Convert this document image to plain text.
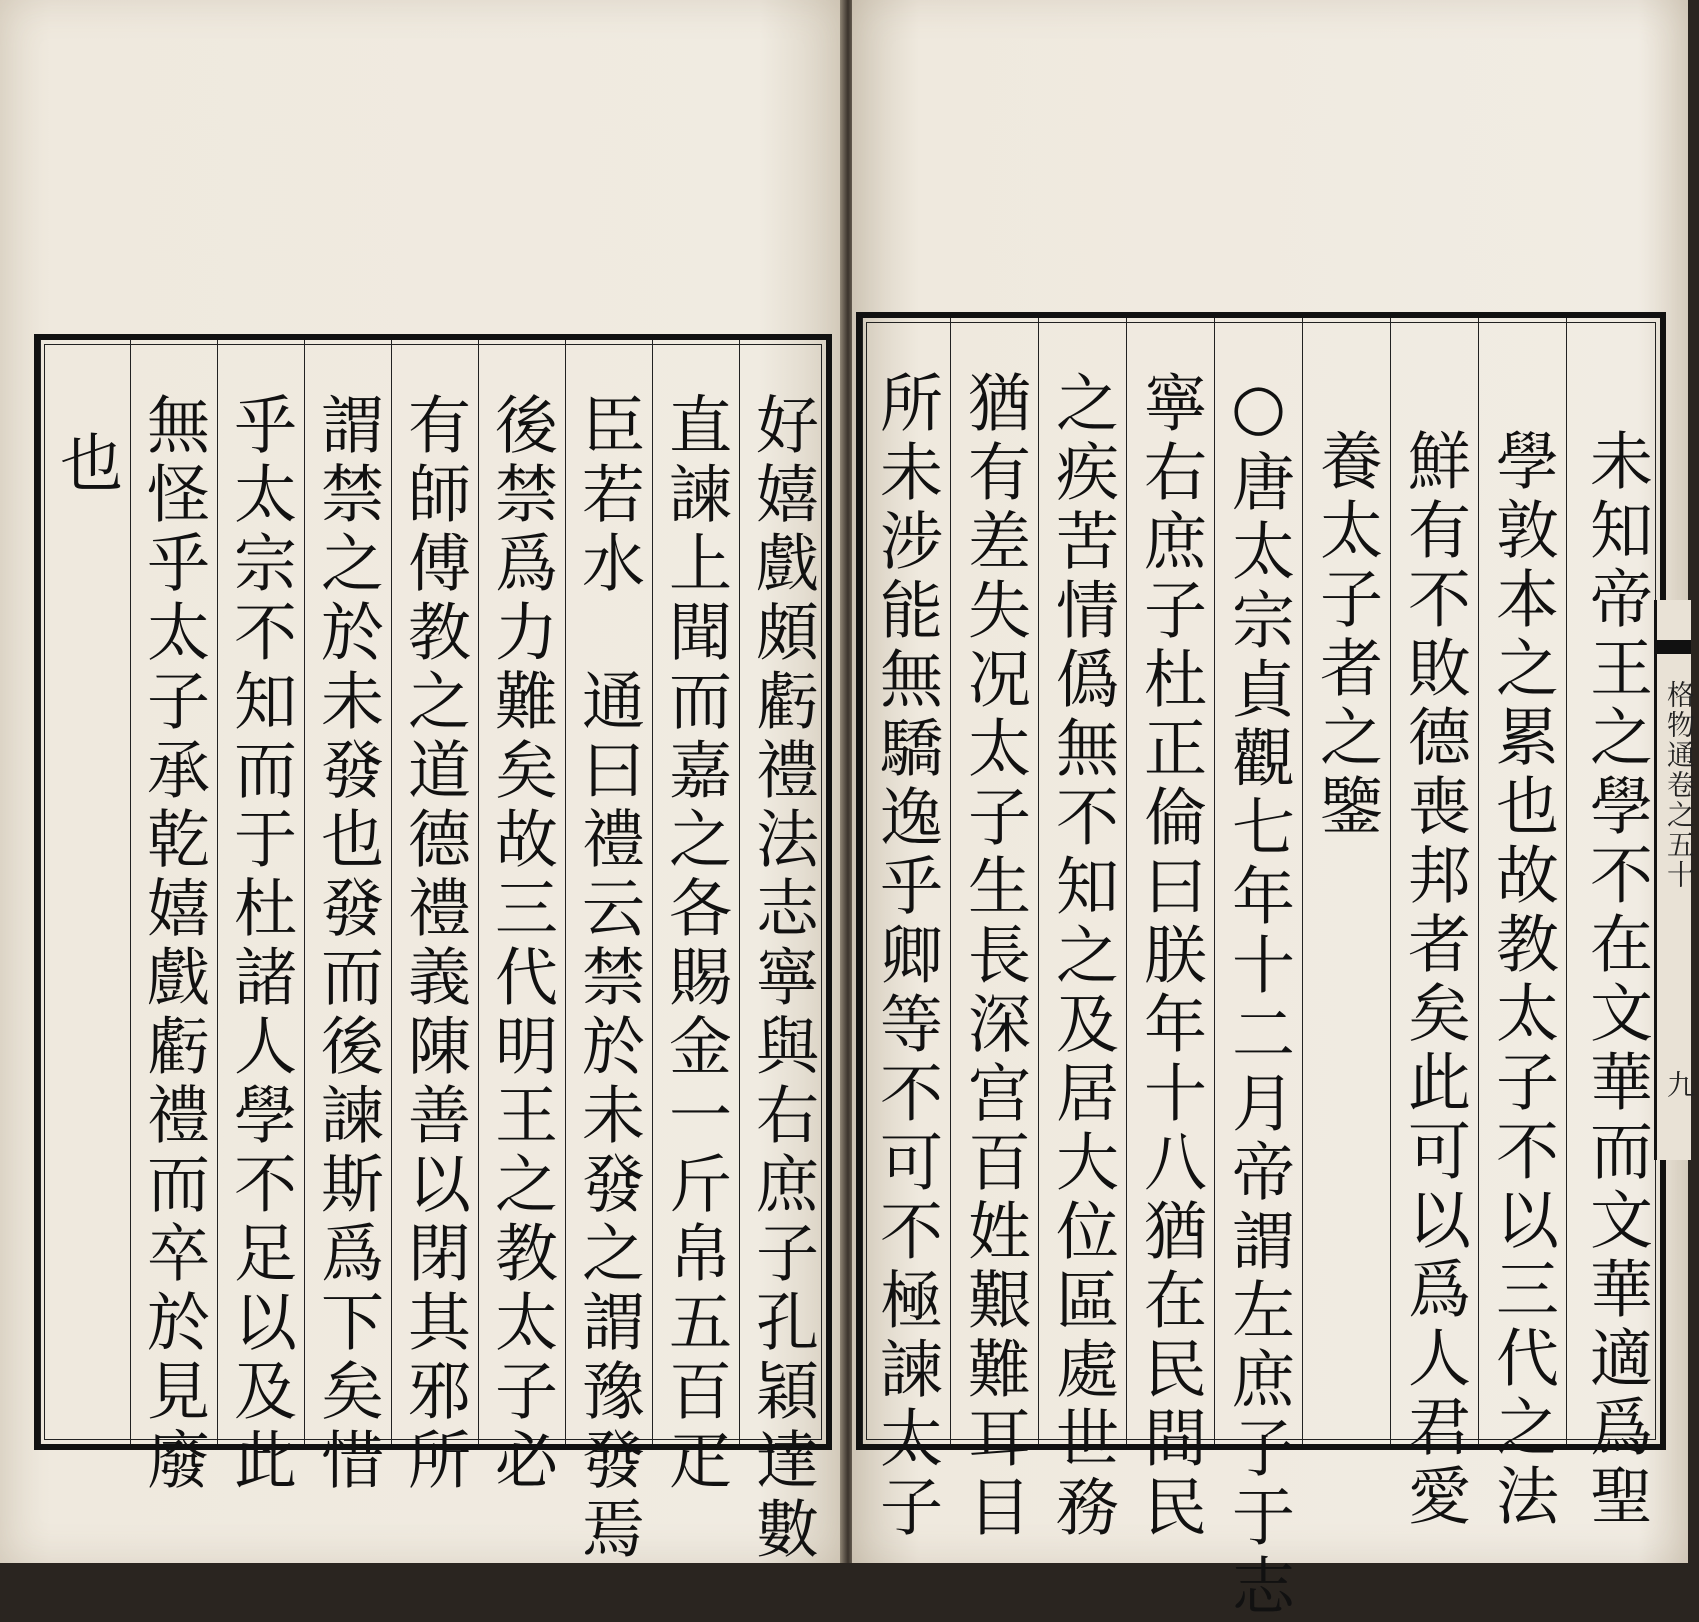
也 無怪乎太子承乾嬉戲虧禮而卒於見廢 乎太宗不知而于杜諸人學不足以及此 謂禁之於未發也發而後諫斯爲下矣惜 有師傅教之道德禮義陳善以閉其邪所 後禁爲力難矣故三代明王之教太子必 臣若水　通曰禮云禁於未發之謂豫發焉 直諫上聞而嘉之各賜金一斤帛五百疋 好嬉戲頗虧禮法志寧與右庶子孔穎達數 所未涉能無驕逸乎卿等不可不極諫太子 猶有差失况太子生長深宫百姓艱難耳目 之疾苦情僞無不知之及居大位區處世務 寧右庶子杜正倫曰朕年十八猶在民間民 ○唐太宗貞觀七年十二月帝謂左庶子于志 養太子者之鑒 鮮有不敗德喪邦者矣此可以爲人君愛 學敦本之累也故教太子不以三代之法 未知帝王之學不在文華而文華適爲聖 格物通卷之五十
九
